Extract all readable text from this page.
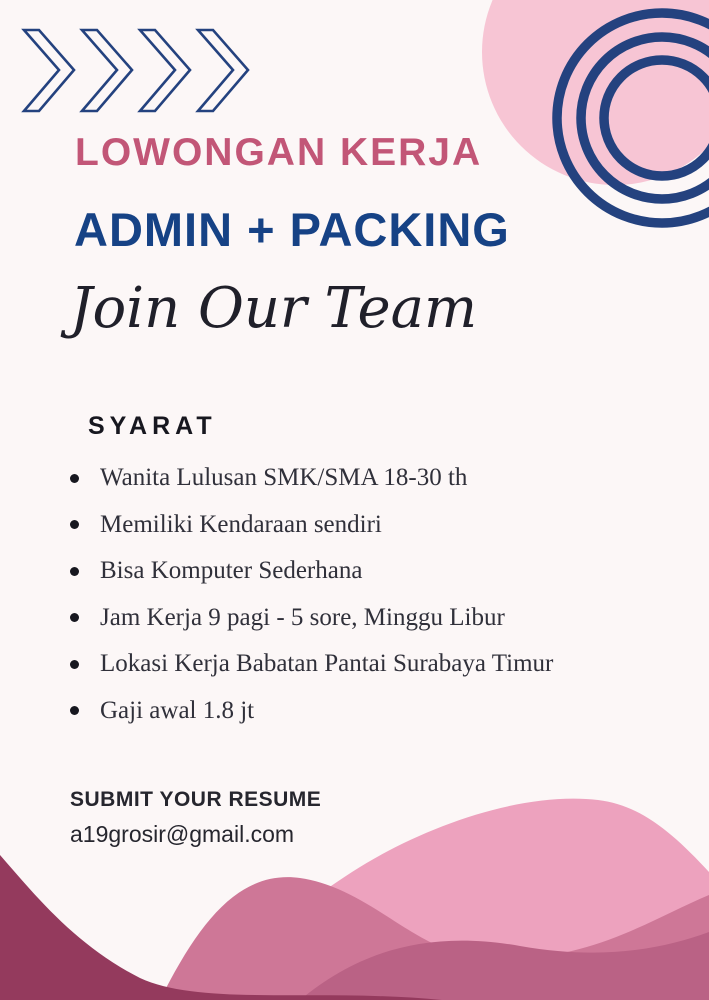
LOWONGAN KERJA
ADMIN + PACKING
Join Our Team
SYARAT
Wanita Lulusan SMK/SMA 18-30 th
Memiliki Kendaraan sendiri
Bisa Komputer Sederhana
Jam Kerja 9 pagi - 5 sore, Minggu Libur
Lokasi Kerja Babatan Pantai Surabaya Timur
Gaji awal 1.8 jt
SUBMIT YOUR RESUME
a19grosir@gmail.com
